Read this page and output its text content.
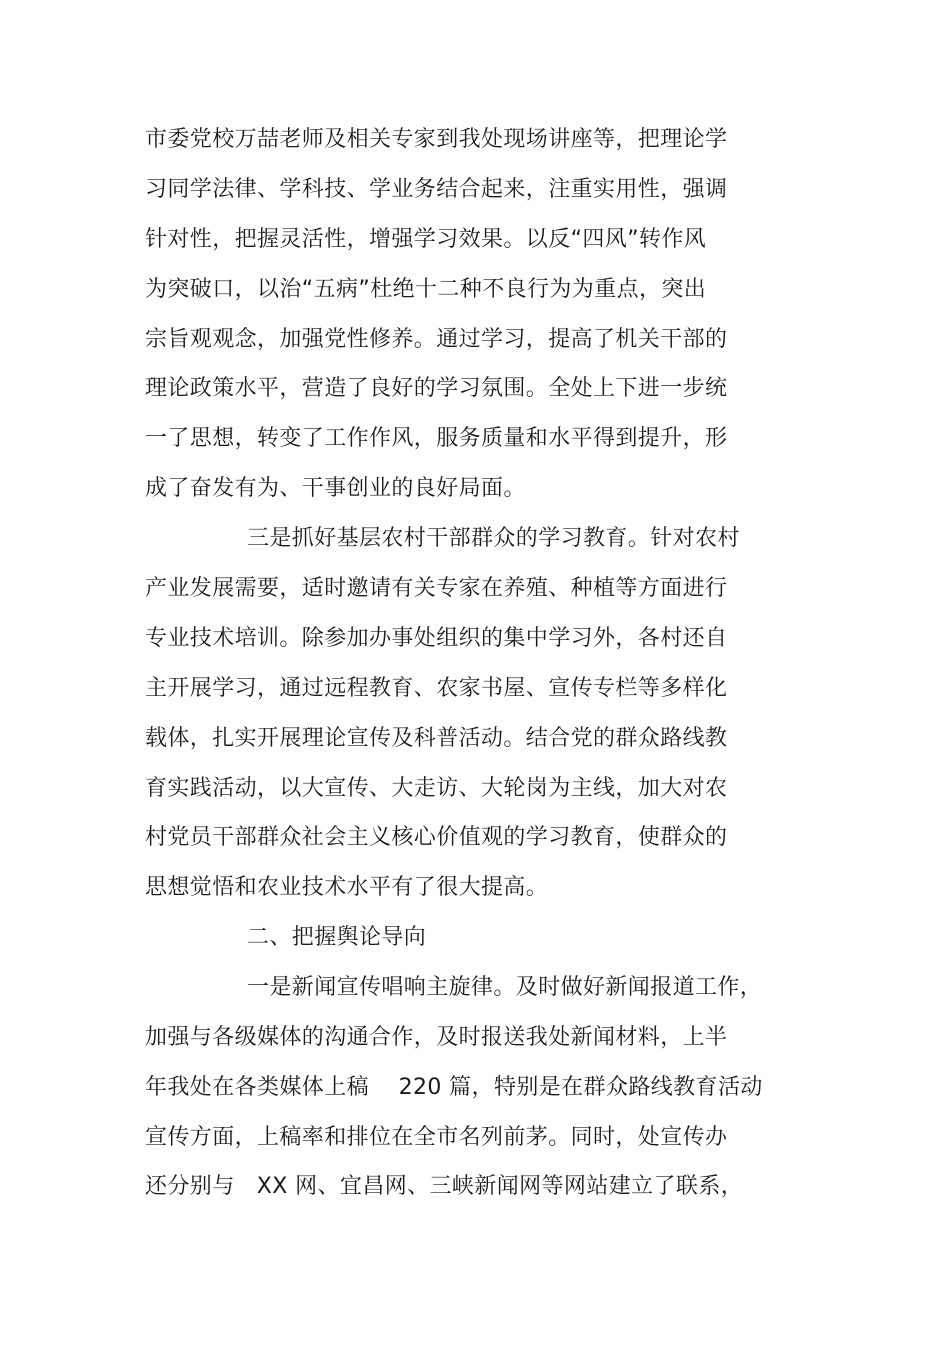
市委党校万喆老师及相关专家到我处现场讲座等，把理论学
习同学法律、学科技、学业务结合起来，注重实用性，强调
针对性，把握灵活性，增强学习效果。以反“四风”转作风
为突破口，以治“五病”杜绝十二种不良行为为重点，突出
宗旨观观念，加强党性修养。通过学习，提高了机关干部的
理论政策水平，营造了良好的学习氛围。全处上下进一步统
一了思想，转变了工作作风，服务质量和水平得到提升，形
成了奋发有为、干事创业的良好局面。
三是抓好基层农村干部群众的学习教育。针对农村
产业发展需要，适时邀请有关专家在养殖、种植等方面进行
专业技术培训。除参加办事处组织的集中学习外，各村还自
主开展学习，通过远程教育、农家书屋、宣传专栏等多样化
载体，扎实开展理论宣传及科普活动。结合党的群众路线教
育实践活动，以大宣传、大走访、大轮岗为主线，加大对农
村党员干部群众社会主义核心价值观的学习教育，使群众的
思想觉悟和农业技术水平有了很大提高。
二、把握舆论导向
一是新闻宣传唱响主旋律。及时做好新闻报道工作，
加强与各级媒体的沟通合作，及时报送我处新闻材料，上半
年我处在各类媒体上稿    220 篇，特别是在群众路线教育活动
宣传方面，上稿率和排位在全市名列前茅。同时，处宣传办
还分别与   XX 网、宜昌网、三峡新闻网等网站建立了联系，
